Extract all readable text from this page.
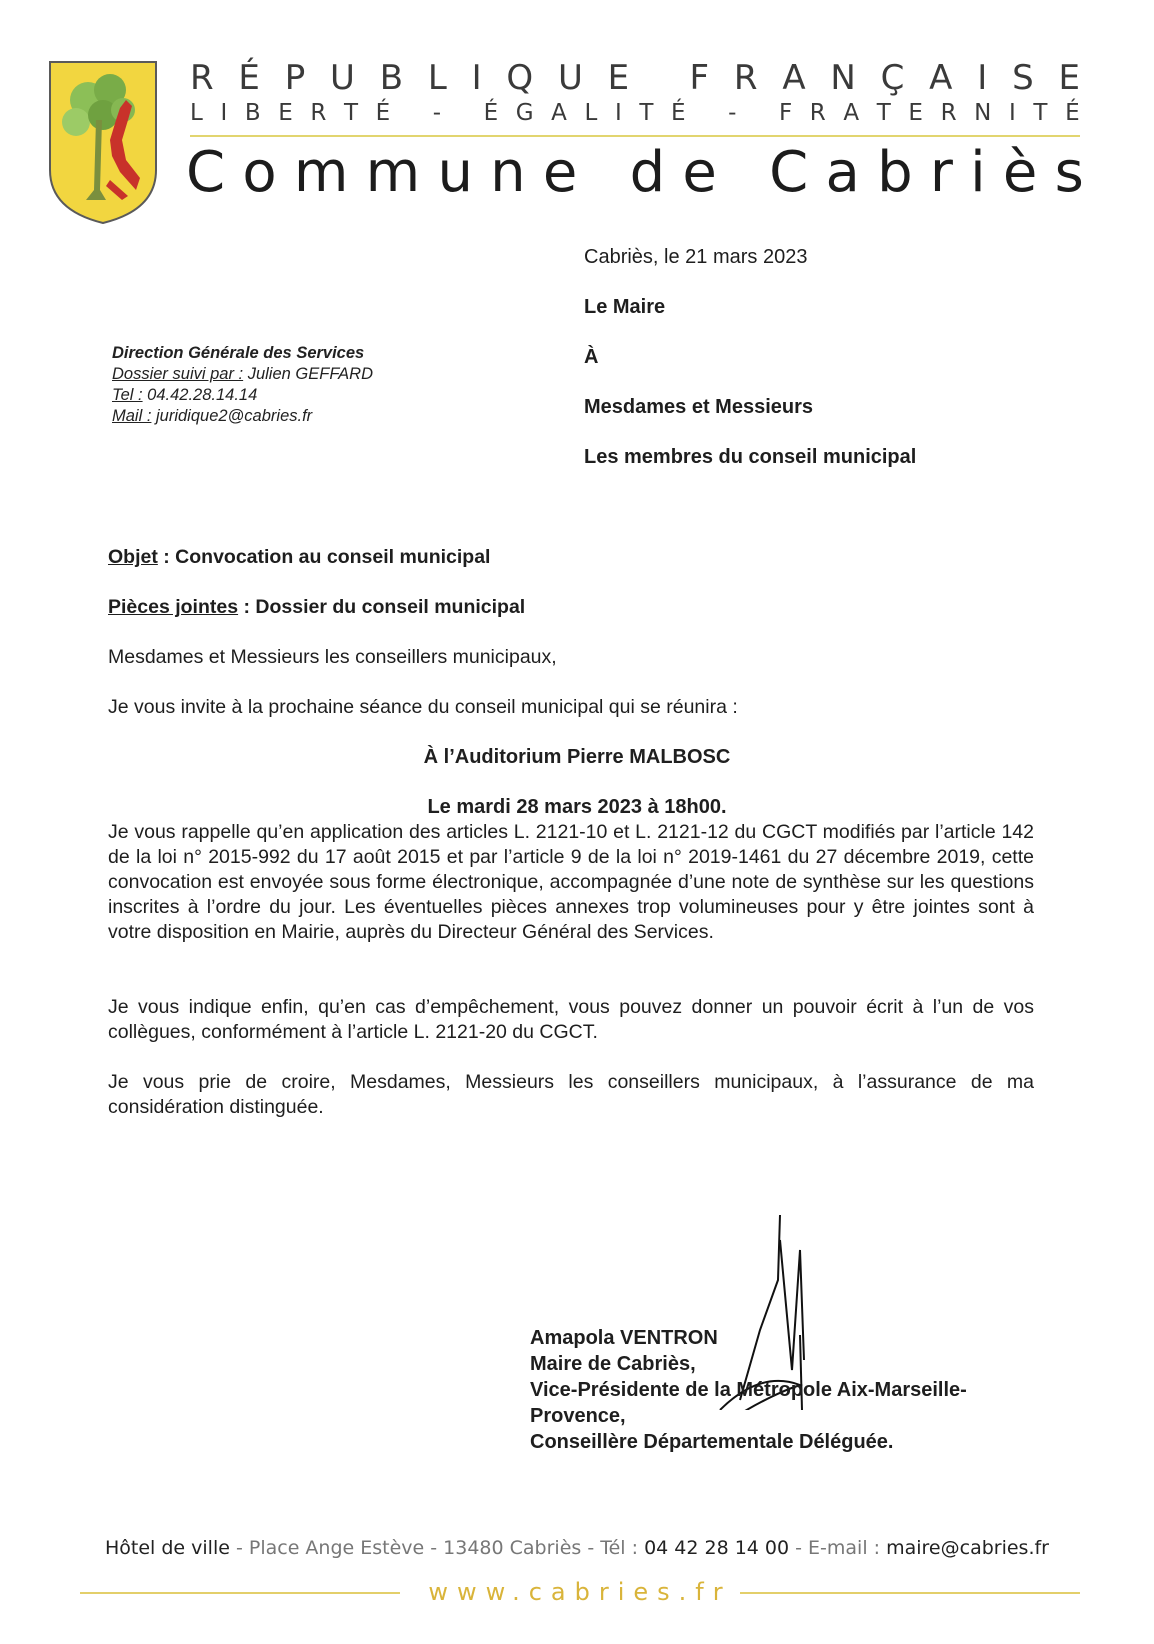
R É P U B L I Q U E
F R A N Ç A I S E
L I B E R T É
-
É G A L I T É
-
F R A T E R N I T É
C o m m u n e
d e
C a b r i è s
Direction Générale des Services
Dossier suivi par : Julien GEFFARD
Tel : 04.42.28.14.14
Mail : juridique2@cabries.fr
Cabriès, le 21 mars 2023
Le Maire
À
Mesdames et Messieurs
Les membres du conseil municipal
Objet : Convocation au conseil municipal
Pièces jointes : Dossier du conseil municipal
Mesdames et Messieurs les conseillers municipaux,
Je vous invite à la prochaine séance du conseil municipal qui se réunira :
À l’Auditorium Pierre MALBOSC
Le mardi 28 mars 2023 à 18h00.
Je vous rappelle qu’en application des articles L. 2121-10 et L. 2121-12 du CGCT modifiés par l’article 142 de la loi n° 2015-992 du 17 août 2015 et par l’article 9 de la loi n° 2019-1461 du 27 décembre 2019, cette convocation est envoyée sous forme électronique, accompagnée d’une note de synthèse sur les questions inscrites à l’ordre du jour. Les éventuelles pièces annexes trop volumineuses pour y être jointes sont à votre disposition en Mairie, auprès du Directeur Général des Services.
Je vous indique enfin, qu’en cas d’empêchement, vous pouvez donner un pouvoir écrit à l’un de vos collègues, conformément à l’article L. 2121-20 du CGCT.
Je vous prie de croire, Mesdames, Messieurs les conseillers municipaux, à l’assurance de ma considération distinguée.
Amapola VENTRON
Maire de Cabriès,
Vice-Présidente de la Métropole Aix-Marseille-
Provence,
Conseillère Départementale Déléguée.
Hôtel de ville - Place Ange Estève - 13480 Cabriès - Tél : 04 42 28 14 00 - E-mail : maire@cabries.fr
www.cabries.fr
